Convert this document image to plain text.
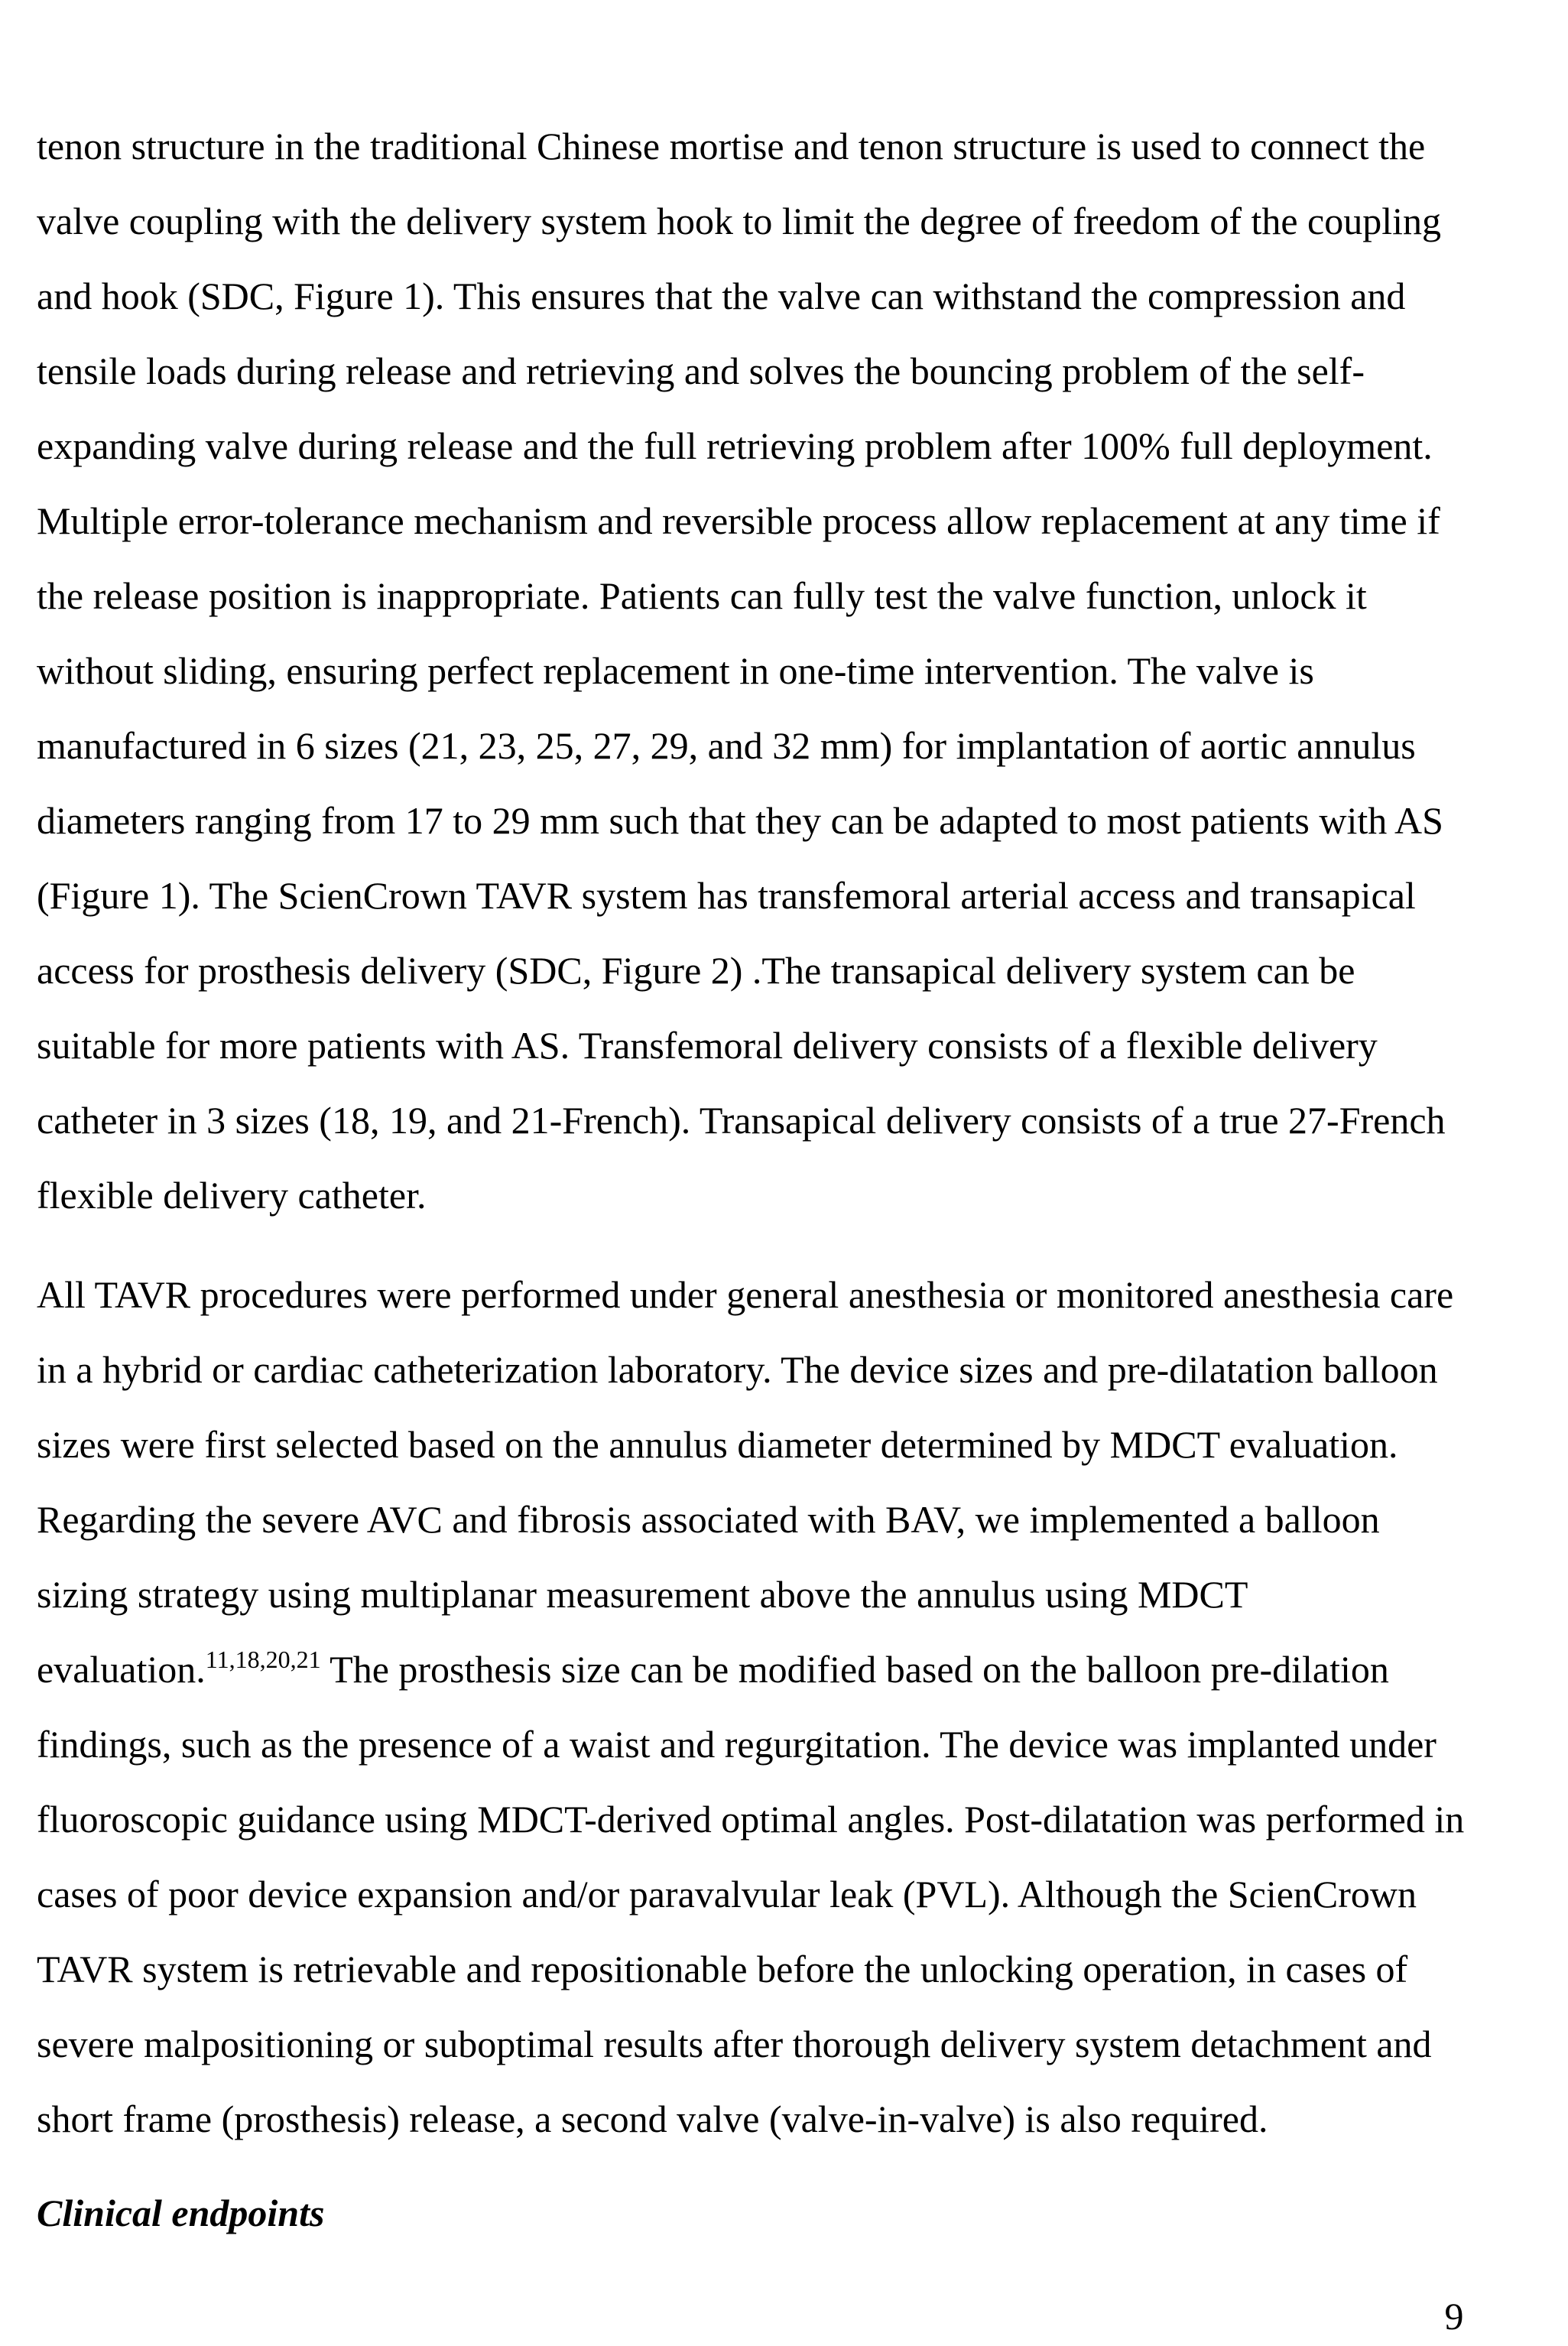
tenon structure in the traditional Chinese mortise and tenon structure is used to connect the
valve coupling with the delivery system hook to limit the degree of freedom of the coupling
and hook (SDC, Figure 1). This ensures that the valve can withstand the compression and
tensile loads during release and retrieving and solves the bouncing problem of the self-
expanding valve during release and the full retrieving problem after 100% full deployment.
Multiple error-tolerance mechanism and reversible process allow replacement at any time if
the release position is inappropriate. Patients can fully test the valve function, unlock it
without sliding, ensuring perfect replacement in one-time intervention. The valve is
manufactured in 6 sizes (21, 23, 25, 27, 29, and 32 mm) for implantation of aortic annulus
diameters ranging from 17 to 29 mm such that they can be adapted to most patients with AS
(Figure 1). The ScienCrown TAVR system has transfemoral arterial access and transapical
access for prosthesis delivery (SDC, Figure 2) .The transapical delivery system can be
suitable for more patients with AS. Transfemoral delivery consists of a flexible delivery
catheter in 3 sizes (18, 19, and 21-French). Transapical delivery consists of a true 27-French
flexible delivery catheter.
All TAVR procedures were performed under general anesthesia or monitored anesthesia care
in a hybrid or cardiac catheterization laboratory. The device sizes and pre-dilatation balloon
sizes were first selected based on the annulus diameter determined by MDCT evaluation.
Regarding the severe AVC and fibrosis associated with BAV, we implemented a balloon
sizing strategy using multiplanar measurement above the annulus using MDCT
evaluation.$^{11,18,20,21}$ The prosthesis size can be modified based on the balloon pre-dilation
findings, such as the presence of a waist and regurgitation. The device was implanted under
fluoroscopic guidance using MDCT-derived optimal angles. Post-dilatation was performed in
cases of poor device expansion and/or paravalvular leak (PVL). Although the ScienCrown
TAVR system is retrievable and repositionable before the unlocking operation, in cases of
severe malpositioning or suboptimal results after thorough delivery system detachment and
short frame (prosthesis) release, a second valve (valve-in-valve) is also required.
Clinical endpoints
9
